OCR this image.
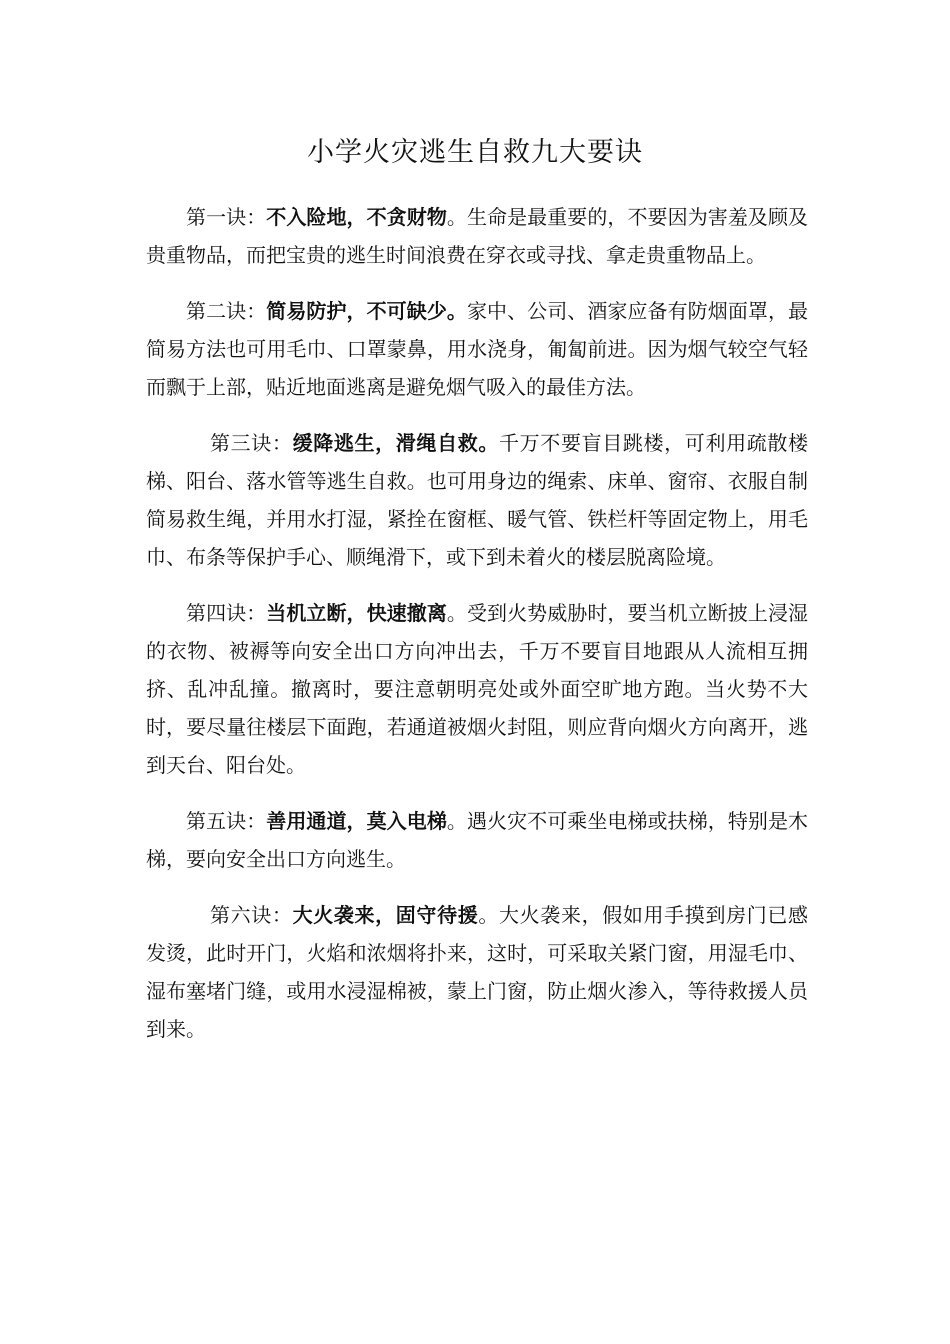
小学火灾逃生自救九大要诀

第一诀：不入险地，不贪财物。生命是最重要的，不要因为害羞及顾及贵重物品，而把宝贵的逃生时间浪费在穿衣或寻找、拿走贵重物品上。

第二诀：简易防护，不可缺少。家中、公司、酒家应备有防烟面罩，最简易方法也可用毛巾、口罩蒙鼻，用水浇身，匍匐前进。因为烟气较空气轻而飘于上部，贴近地面逃离是避免烟气吸入的最佳方法。

第三诀：缓降逃生，滑绳自救。千万不要盲目跳楼，可利用疏散楼梯、阳台、落水管等逃生自救。也可用身边的绳索、床单、窗帘、衣服自制简易救生绳，并用水打湿，紧拴在窗框、暖气管、铁栏杆等固定物上，用毛巾、布条等保护手心、顺绳滑下，或下到未着火的楼层脱离险境。

第四诀：当机立断，快速撤离。受到火势威胁时，要当机立断披上浸湿的衣物、被褥等向安全出口方向冲出去，千万不要盲目地跟从人流相互拥挤、乱冲乱撞。撤离时，要注意朝明亮处或外面空旷地方跑。当火势不大时，要尽量往楼层下面跑，若通道被烟火封阻，则应背向烟火方向离开，逃到天台、阳台处。

第五诀：善用通道，莫入电梯。遇火灾不可乘坐电梯或扶梯，特别是木梯，要向安全出口方向逃生。

第六诀：大火袭来，固守待援。大火袭来，假如用手摸到房门已感发烫，此时开门，火焰和浓烟将扑来，这时，可采取关紧门窗，用湿毛巾、湿布塞堵门缝，或用水浸湿棉被，蒙上门窗，防止烟火渗入，等待救援人员到来。
